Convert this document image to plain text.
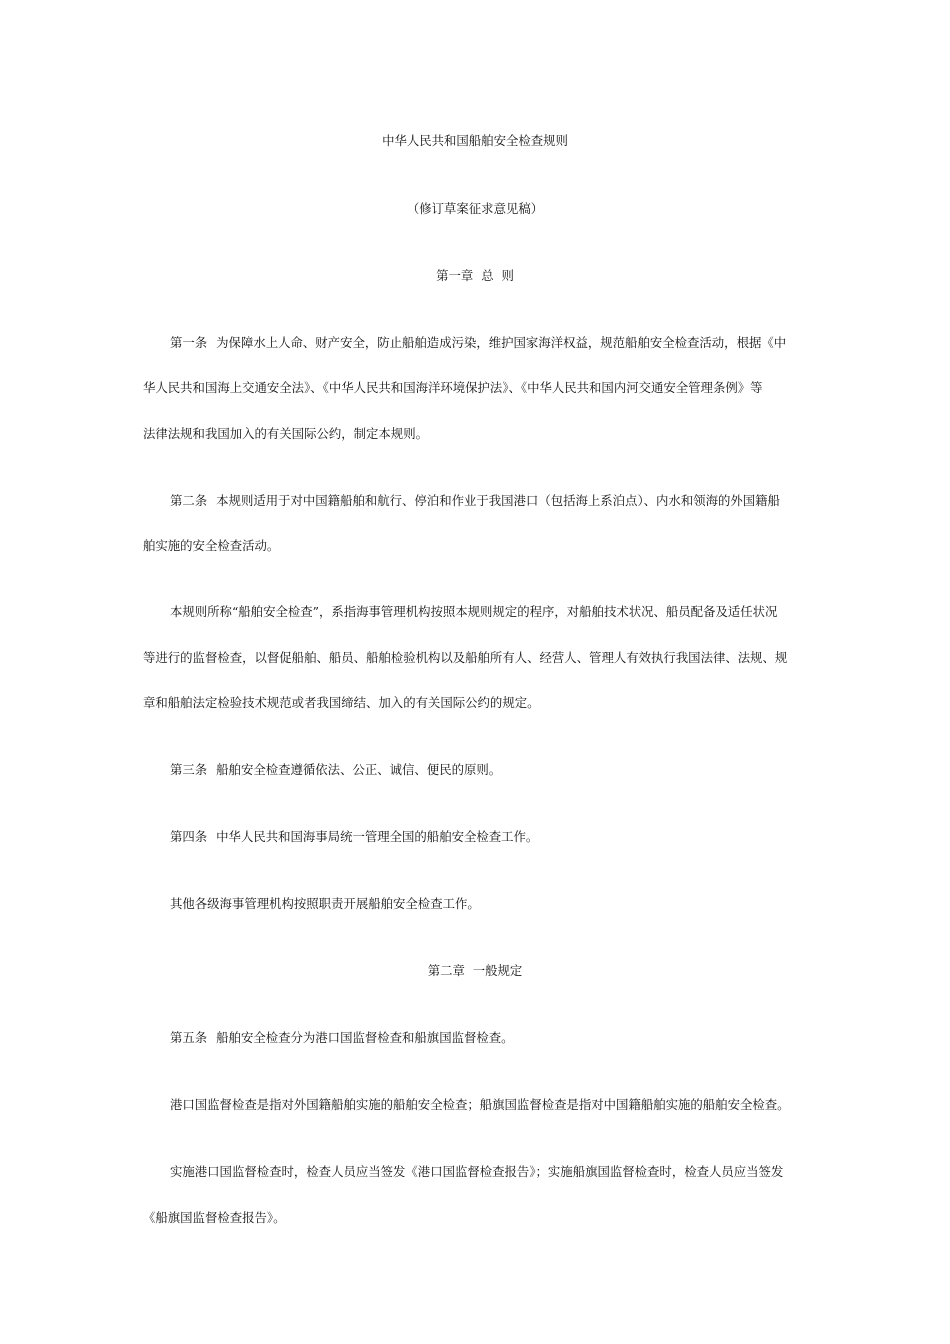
中华人民共和国船舶安全检查规则
（修订草案征求意见稿）
第一章  总  则
第一条 为保障水上人命、财产安全，防止船舶造成污染，维护国家海洋权益，规范船舶安全检查活动，根据《中
华人民共和国海上交通安全法》、《中华人民共和国海洋环境保护法》、《中华人民共和国内河交通安全管理条例》等
法律法规和我国加入的有关国际公约，制定本规则。
第二条 本规则适用于对中国籍船舶和航行、停泊和作业于我国港口（包括海上系泊点）、内水和领海的外国籍船
舶实施的安全检查活动。
本规则所称“船舶安全检查”，系指海事管理机构按照本规则规定的程序，对船舶技术状况、船员配备及适任状况
等进行的监督检查，以督促船舶、船员、船舶检验机构以及船舶所有人、经营人、管理人有效执行我国法律、法规、规
章和船舶法定检验技术规范或者我国缔结、加入的有关国际公约的规定。
第三条 船舶安全检查遵循依法、公正、诚信、便民的原则。
第四条 中华人民共和国海事局统一管理全国的船舶安全检查工作。
其他各级海事管理机构按照职责开展船舶安全检查工作。
第二章  一般规定
第五条 船舶安全检查分为港口国监督检查和船旗国监督检查。
港口国监督检查是指对外国籍船舶实施的船舶安全检查；船旗国监督检查是指对中国籍船舶实施的船舶安全检查。
实施港口国监督检查时，检查人员应当签发《港口国监督检查报告》；实施船旗国监督检查时，检查人员应当签发
《船旗国监督检查报告》。
